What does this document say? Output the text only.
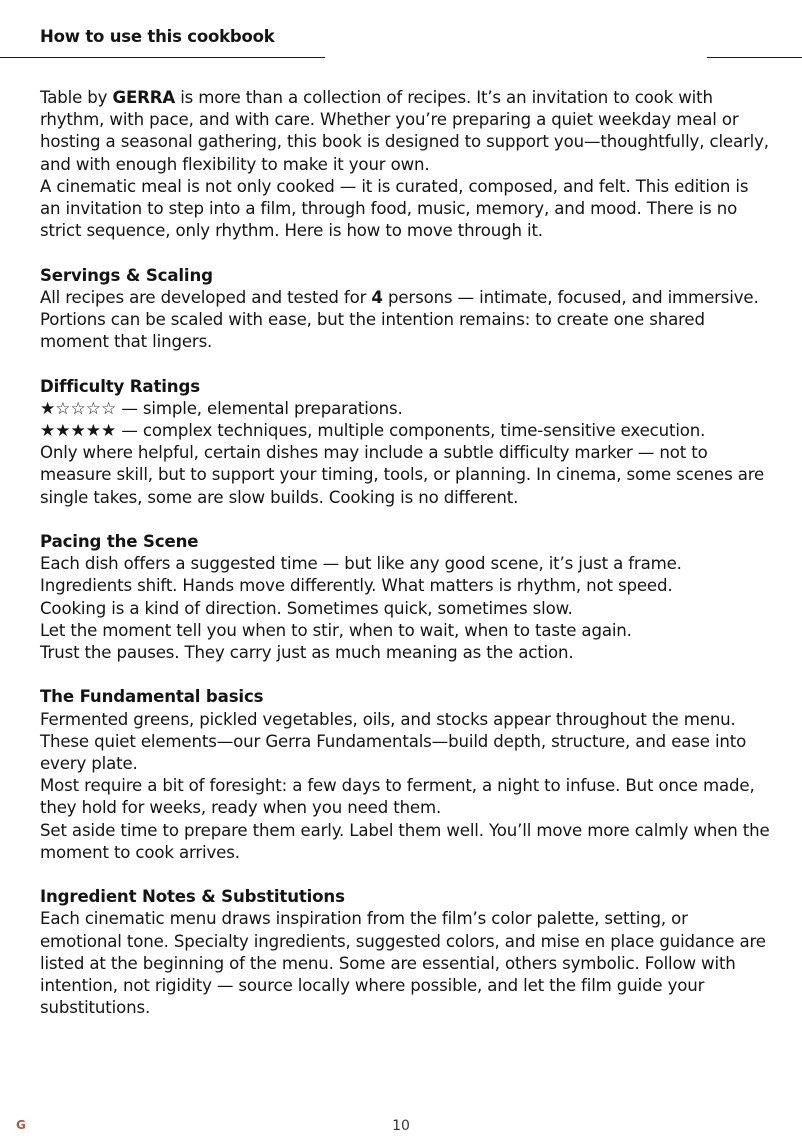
How to use this cookbook

Table by GERRA is more than a collection of recipes. It’s an invitation to cook with rhythm, with pace, and with care. Whether you’re preparing a quiet weekday meal or hosting a seasonal gathering, this book is designed to support you—thoughtfully, clearly, and with enough flexibility to make it your own.

A cinematic meal is not only cooked — it is curated, composed, and felt. This edition is an invitation to step into a film, through food, music, memory, and mood. There is no strict sequence, only rhythm. Here is how to move through it.

Servings & Scaling

All recipes are developed and tested for 4 persons — intimate, focused, and immersive. Portions can be scaled with ease, but the intention remains: to create one shared moment that lingers.

Difficulty Ratings

★☆☆☆☆ — simple, elemental preparations.

★★★★★ — complex techniques, multiple components, time-sensitive execution.

Only where helpful, certain dishes may include a subtle difficulty marker — not to measure skill, but to support your timing, tools, or planning. In cinema, some scenes are single takes, some are slow builds. Cooking is no different.

Pacing the Scene

Each dish offers a suggested time — but like any good scene, it’s just a frame. Ingredients shift. Hands move differently. What matters is rhythm, not speed.

Cooking is a kind of direction. Sometimes quick, sometimes slow.

Let the moment tell you when to stir, when to wait, when to taste again.

Trust the pauses. They carry just as much meaning as the action.

The Fundamental basics

Fermented greens, pickled vegetables, oils, and stocks appear throughout the menu. These quiet elements—our Gerra Fundamentals—build depth, structure, and ease into every plate.

Most require a bit of foresight: a few days to ferment, a night to infuse. But once made, they hold for weeks, ready when you need them.

Set aside time to prepare them early. Label them well. You’ll move more calmly when the moment to cook arrives.

Ingredient Notes & Substitutions

Each cinematic menu draws inspiration from the film’s color palette, setting, or emotional tone. Specialty ingredients, suggested colors, and mise en place guidance are listed at the beginning of the menu. Some are essential, others symbolic. Follow with intention, not rigidity — source locally where possible, and let the film guide your substitutions.

G	10
